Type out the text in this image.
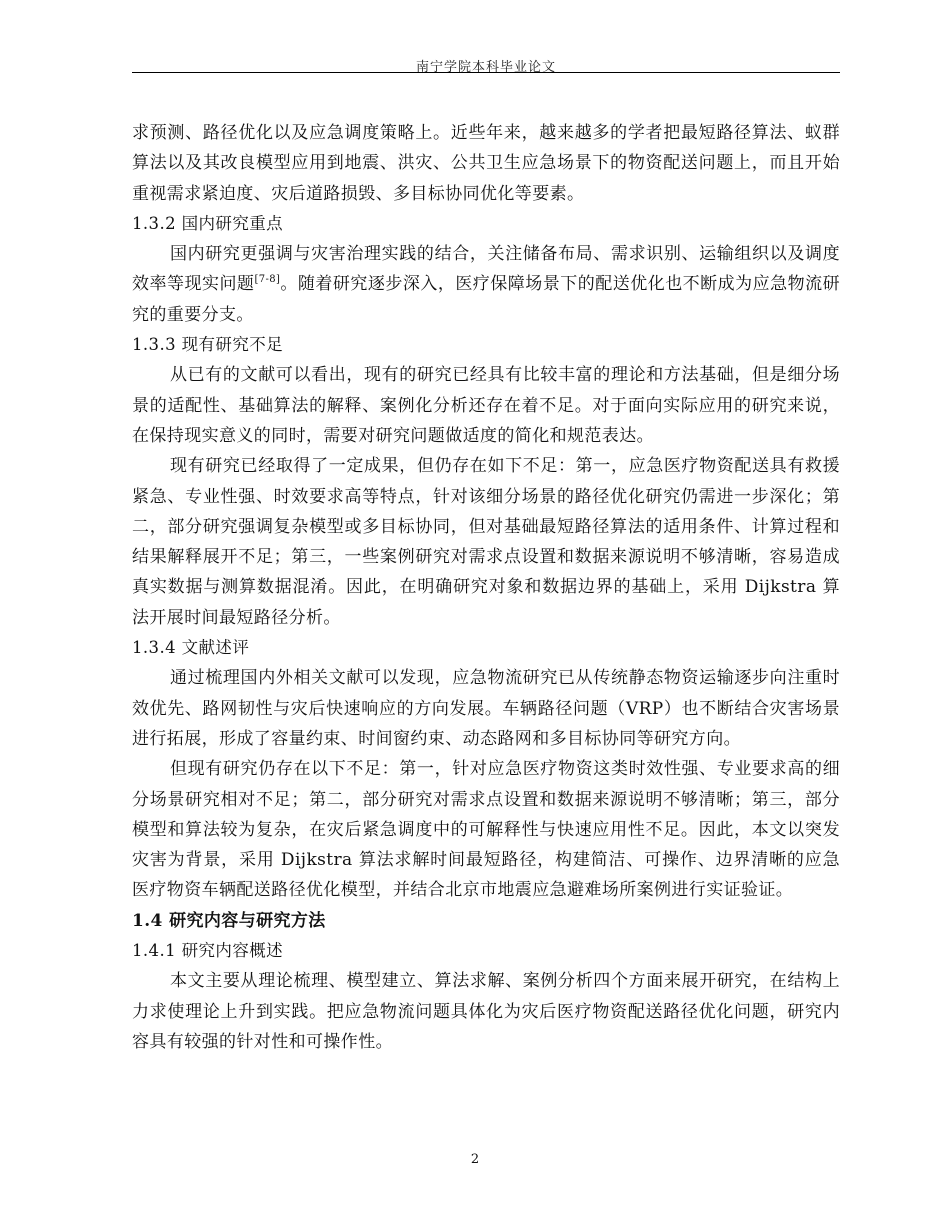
南宁学院本科毕业论文

求预测、路径优化以及应急调度策略上。近些年来，越来越多的学者把最短路径算法、蚁群算法以及其改良模型应用到地震、洪灾、公共卫生应急场景下的物资配送问题上，而且开始重视需求紧迫度、灾后道路损毁、多目标协同优化等要素。

1.3.2 国内研究重点

国内研究更强调与灾害治理实践的结合，关注储备布局、需求识别、运输组织以及调度效率等现实问题[7-8]。随着研究逐步深入，医疗保障场景下的配送优化也不断成为应急物流研究的重要分支。

1.3.3 现有研究不足

从已有的文献可以看出，现有的研究已经具有比较丰富的理论和方法基础，但是细分场景的适配性、基础算法的解释、案例化分析还存在着不足。对于面向实际应用的研究来说，在保持现实意义的同时，需要对研究问题做适度的简化和规范表达。

现有研究已经取得了一定成果，但仍存在如下不足：第一，应急医疗物资配送具有救援紧急、专业性强、时效要求高等特点，针对该细分场景的路径优化研究仍需进一步深化；第二，部分研究强调复杂模型或多目标协同，但对基础最短路径算法的适用条件、计算过程和结果解释展开不足；第三，一些案例研究对需求点设置和数据来源说明不够清晰，容易造成真实数据与测算数据混淆。因此，在明确研究对象和数据边界的基础上，采用 Dijkstra 算法开展时间最短路径分析。

1.3.4 文献述评

通过梳理国内外相关文献可以发现，应急物流研究已从传统静态物资运输逐步向注重时效优先、路网韧性与灾后快速响应的方向发展。车辆路径问题（VRP）也不断结合灾害场景进行拓展，形成了容量约束、时间窗约束、动态路网和多目标协同等研究方向。

但现有研究仍存在以下不足：第一，针对应急医疗物资这类时效性强、专业要求高的细分场景研究相对不足；第二，部分研究对需求点设置和数据来源说明不够清晰；第三，部分模型和算法较为复杂，在灾后紧急调度中的可解释性与快速应用性不足。因此，本文以突发灾害为背景，采用 Dijkstra 算法求解时间最短路径，构建简洁、可操作、边界清晰的应急医疗物资车辆配送路径优化模型，并结合北京市地震应急避难场所案例进行实证验证。

1.4 研究内容与研究方法

1.4.1 研究内容概述

本文主要从理论梳理、模型建立、算法求解、案例分析四个方面来展开研究，在结构上力求使理论上升到实践。把应急物流问题具体化为灾后医疗物资配送路径优化问题，研究内容具有较强的针对性和可操作性。

2
